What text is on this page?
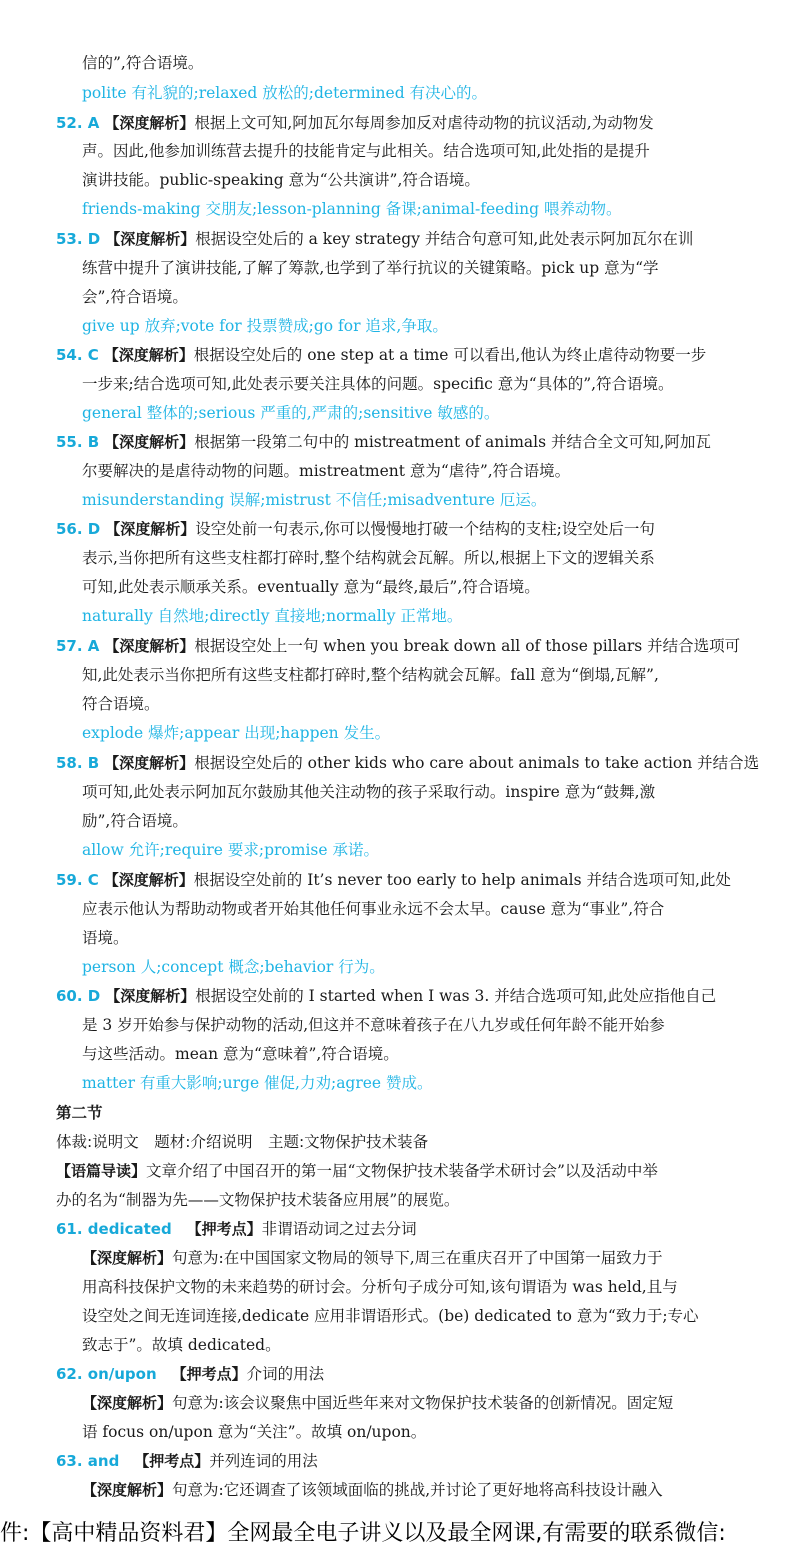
信的”,符合语境。
polite 有礼貌的;relaxed 放松的;determined 有决心的。
52. A 【深度解析】根据上文可知,阿加瓦尔每周参加反对虐待动物的抗议活动,为动物发
声。因此,他参加训练营去提升的技能肯定与此相关。结合选项可知,此处指的是提升
演讲技能。public-speaking 意为“公共演讲”,符合语境。
friends-making 交朋友;lesson-planning 备课;animal-feeding 喂养动物。
53. D 【深度解析】根据设空处后的 a key strategy 并结合句意可知,此处表示阿加瓦尔在训
练营中提升了演讲技能,了解了筹款,也学到了举行抗议的关键策略。pick up 意为“学
会”,符合语境。
give up 放弃;vote for 投票赞成;go for 追求,争取。
54. C 【深度解析】根据设空处后的 one step at a time 可以看出,他认为终止虐待动物要一步
一步来;结合选项可知,此处表示要关注具体的问题。specific 意为“具体的”,符合语境。
general 整体的;serious 严重的,严肃的;sensitive 敏感的。
55. B 【深度解析】根据第一段第二句中的 mistreatment of animals 并结合全文可知,阿加瓦
尔要解决的是虐待动物的问题。mistreatment 意为“虐待”,符合语境。
misunderstanding 误解;mistrust 不信任;misadventure 厄运。
56. D 【深度解析】设空处前一句表示,你可以慢慢地打破一个结构的支柱;设空处后一句
表示,当你把所有这些支柱都打碎时,整个结构就会瓦解。所以,根据上下文的逻辑关系
可知,此处表示顺承关系。eventually 意为“最终,最后”,符合语境。
naturally 自然地;directly 直接地;normally 正常地。
57. A 【深度解析】根据设空处上一句 when you break down all of those pillars 并结合选项可
知,此处表示当你把所有这些支柱都打碎时,整个结构就会瓦解。fall 意为“倒塌,瓦解”,
符合语境。
explode 爆炸;appear 出现;happen 发生。
58. B 【深度解析】根据设空处后的 other kids who care about animals to take action 并结合选
项可知,此处表示阿加瓦尔鼓励其他关注动物的孩子采取行动。inspire 意为“鼓舞,激
励”,符合语境。
allow 允许;require 要求;promise 承诺。
59. C 【深度解析】根据设空处前的 It’s never too early to help animals 并结合选项可知,此处
应表示他认为帮助动物或者开始其他任何事业永远不会太早。cause 意为“事业”,符合
语境。
person 人;concept 概念;behavior 行为。
60. D 【深度解析】根据设空处前的 I started when I was 3. 并结合选项可知,此处应指他自己
是 3 岁开始参与保护动物的活动,但这并不意味着孩子在八九岁或任何年龄不能开始参
与这些活动。mean 意为“意味着”,符合语境。
matter 有重大影响;urge 催促,力劝;agree 赞成。
第二节
体裁:说明文　题材:介绍说明　主题:文物保护技术装备
【语篇导读】文章介绍了中国召开的第一届“文物保护技术装备学术研讨会”以及活动中举
办的名为“制器为先——文物保护技术装备应用展”的展览。
61. dedicated 【押考点】非谓语动词之过去分词
【深度解析】句意为:在中国国家文物局的领导下,周三在重庆召开了中国第一届致力于
用高科技保护文物的未来趋势的研讨会。分析句子成分可知,该句谓语为 was held,且与
设空处之间无连词连接,dedicate 应用非谓语形式。(be) dedicated to 意为“致力于;专心
致志于”。故填 dedicated。
62. on/upon 【押考点】介词的用法
【深度解析】句意为:该会议聚焦中国近些年来对文物保护技术装备的创新情况。固定短
语 focus on/upon 意为“关注”。故填 on/upon。
63. and 【押考点】并列连词的用法
【深度解析】句意为:它还调查了该领域面临的挑战,并讨论了更好地将高科技设计融入
件:【高中精品资料君】全网最全电子讲义以及最全网课,有需要的联系微信:
